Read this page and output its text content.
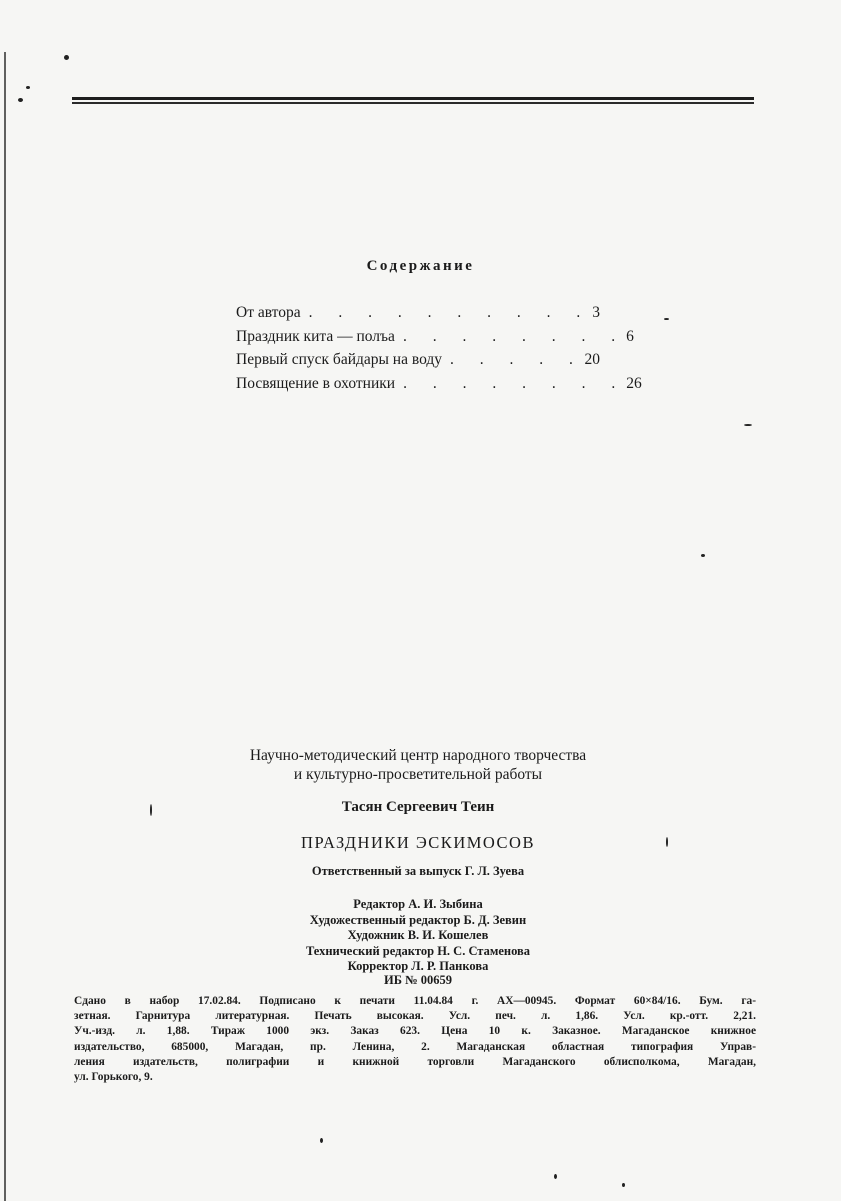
Содержание
От автора . . . . . . . . . . 3
Праздник кита — полъа . . . . . . . . 6
Первый спуск байдары на воду . . . . . 20
Посвящение в охотники . . . . . . . . 26
Научно-методический центр народного творчества
и культурно-просветительной работы
Тасян Сергеевич Теин
ПРАЗДНИКИ ЭСКИМОСОВ
Ответственный за выпуск Г. Л. Зуева
Редактор А. И. Зыбина
Художественный редактор Б. Д. Зевин
Художник В. И. Кошелев
Технический редактор Н. С. Стаменова
Корректор Л. Р. Панкова
ИБ № 00659
Сдано в набор 17.02.84. Подписано к печати 11.04.84 г. АХ—00945. Формат 60×84/16. Бум. га-
зетная. Гарнитура литературная. Печать высокая. Усл. печ. л. 1,86. Усл. кр.-отт. 2,21.
Уч.-изд. л. 1,88. Тираж 1000 экз. Заказ 623. Цена 10 к. Заказное. Магаданское книжное
издательство, 685000, Магадан, пр. Ленина, 2. Магаданская областная типография Управ-
ления издательств, полиграфии и книжной торговли Магаданского облисполкома, Магадан,
ул. Горького, 9.
